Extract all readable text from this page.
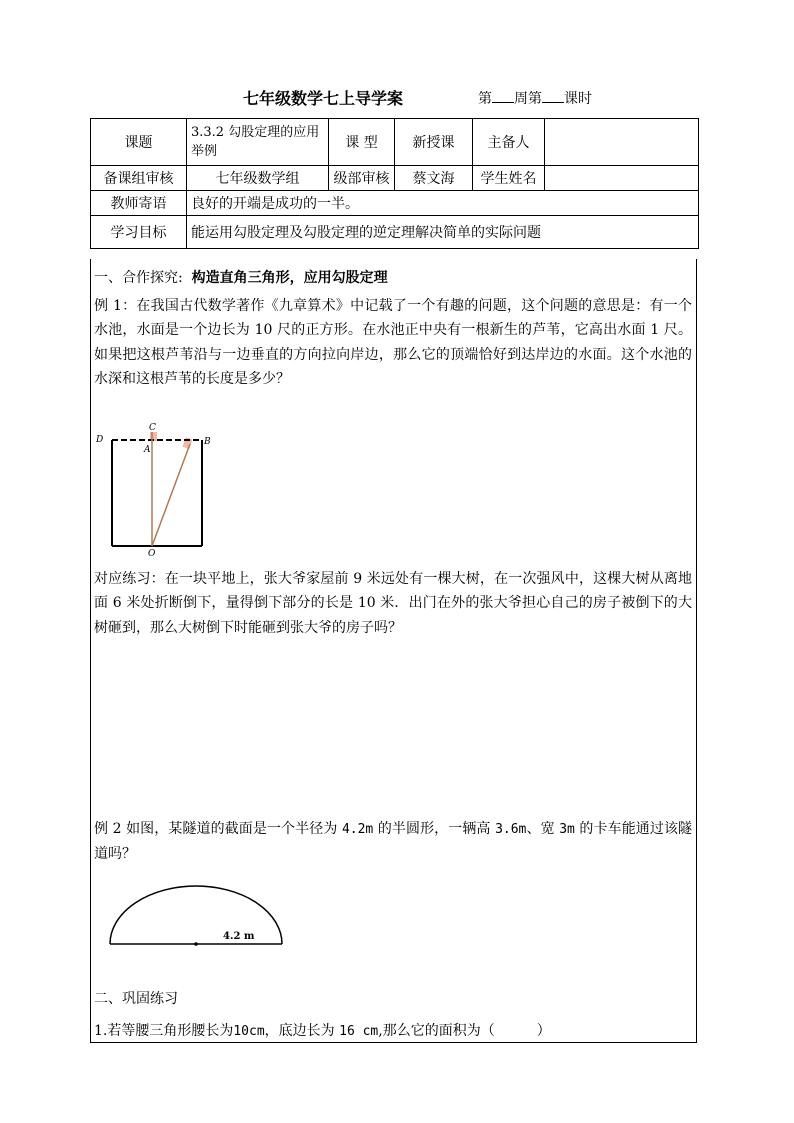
七年级数学七上导学案	第 周第 课时
课题	3.3.2 勾股定理的应用举例	课 型	新授课	主备人	
备课组审核	七年级数学组	级部审核	蔡文海	学生姓名	
教师寄语	良好的开端是成功的一半。				
学习目标	能运用勾股定理及勾股定理的逆定理解决简单的实际问题				
一、合作探究: 构造直角三角形，应用勾股定理
例 1：在我国古代数学著作《九章算术》中记载了一个有趣的问题，这个问题的意思是：有一个水池，水面是一个边长为 10 尺的正方形。在水池正中央有一根新生的芦苇，它高出水面 1 尺。如果把这根芦苇沿与一边垂直的方向拉向岸边，那么它的顶端恰好到达岸边的水面。这个水池的水深和这根芦苇的长度是多少？
C
D
A
B
O
对应练习：在一块平地上，张大爷家屋前 9 米远处有一棵大树，在一次强风中，这棵大树从离地面 6 米处折断倒下，量得倒下部分的长是 10 米．出门在外的张大爷担心自己的房子被倒下的大树砸到，那么大树倒下时能砸到张大爷的房子吗？
例 2 如图，某隧道的截面是一个半径为 4.2m 的半圆形，一辆高 3.6m、宽 3m 的卡车能通过该隧道吗？
4.2 m
二、巩固练习
1.若等腰三角形腰长为10cm，底边长为 16 cm,那么它的面积为（　　　）
